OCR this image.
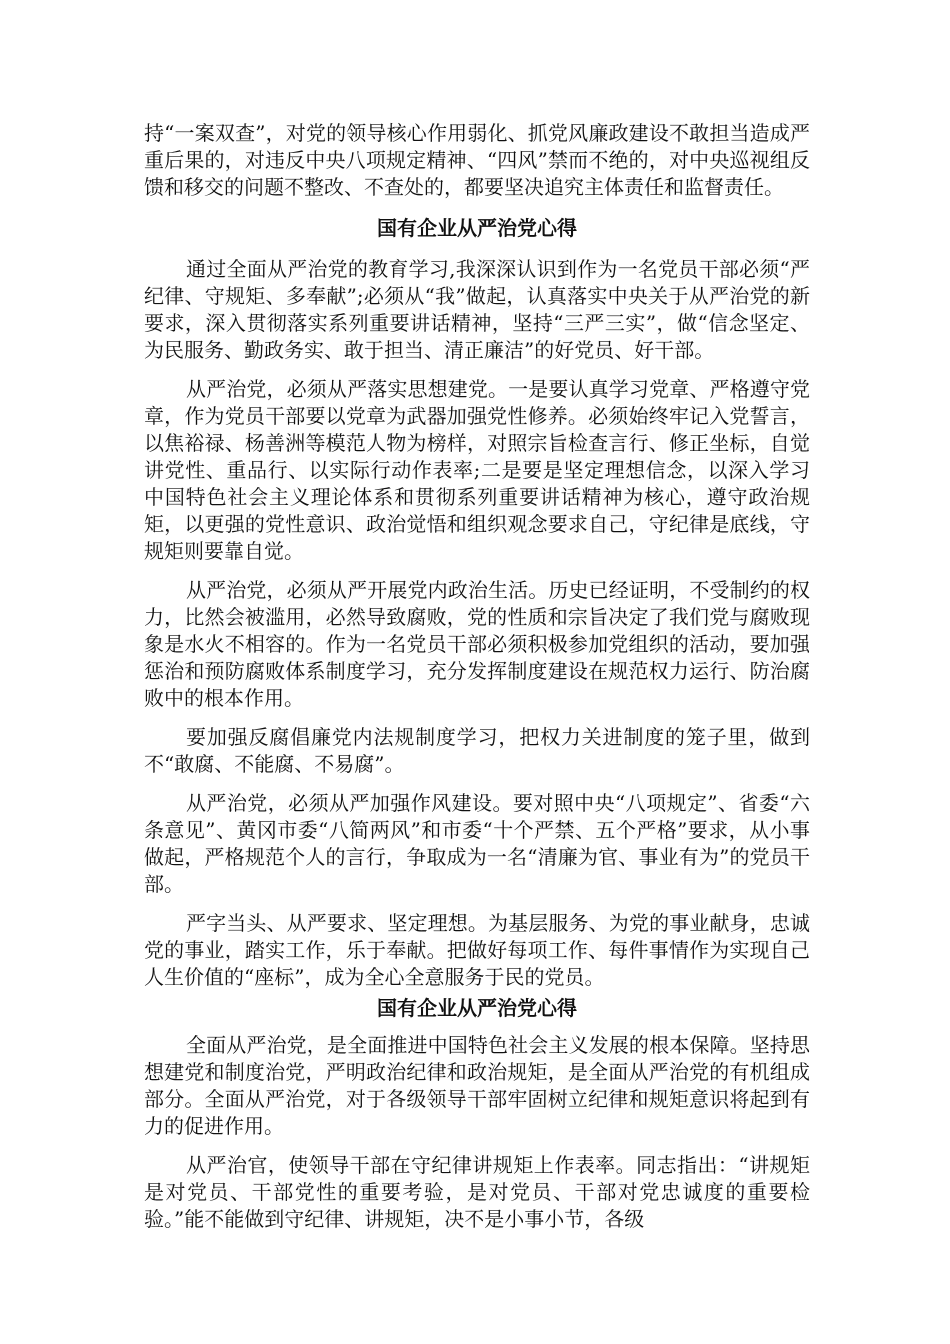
持“一案双查”，对党的领导核心作用弱化、抓党风廉政建设不敢担当造成严重后果的，对违反中央八项规定精神、“四风”禁而不绝的，对中央巡视组反馈和移交的问题不整改、不查处的，都要坚决追究主体责任和监督责任。

国有企业从严治党心得

通过全面从严治党的教育学习,我深深认识到作为一名党员干部必须“严纪律、守规矩、多奉献”;必须从“我”做起，认真落实中央关于从严治党的新要求，深入贯彻落实系列重要讲话精神，坚持“三严三实”，做“信念坚定、为民服务、勤政务实、敢于担当、清正廉洁”的好党员、好干部。

从严治党，必须从严落实思想建党。一是要认真学习党章、严格遵守党章，作为党员干部要以党章为武器加强党性修养。必须始终牢记入党誓言，以焦裕禄、杨善洲等模范人物为榜样，对照宗旨检查言行、修正坐标，自觉讲党性、重品行、以实际行动作表率;二是要是坚定理想信念，以深入学习中国特色社会主义理论体系和贯彻系列重要讲话精神为核心，遵守政治规矩，以更强的党性意识、政治觉悟和组织观念要求自己，守纪律是底线，守规矩则要靠自觉。

从严治党，必须从严开展党内政治生活。历史已经证明，不受制约的权力，比然会被滥用，必然导致腐败，党的性质和宗旨决定了我们党与腐败现象是水火不相容的。作为一名党员干部必须积极参加党组织的活动，要加强惩治和预防腐败体系制度学习，充分发挥制度建设在规范权力运行、防治腐败中的根本作用。

要加强反腐倡廉党内法规制度学习，把权力关进制度的笼子里，做到不“敢腐、不能腐、不易腐”。

从严治党，必须从严加强作风建设。要对照中央“八项规定”、省委“六条意见”、黄冈市委“八简两风”和市委“十个严禁、五个严格”要求，从小事做起，严格规范个人的言行，争取成为一名“清廉为官、事业有为”的党员干部。

严字当头、从严要求、坚定理想。为基层服务、为党的事业献身，忠诚党的事业，踏实工作，乐于奉献。把做好每项工作、每件事情作为实现自己人生价值的“座标”，成为全心全意服务于民的党员。

国有企业从严治党心得

全面从严治党，是全面推进中国特色社会主义发展的根本保障。坚持思想建党和制度治党，严明政治纪律和政治规矩，是全面从严治党的有机组成部分。全面从严治党，对于各级领导干部牢固树立纪律和规矩意识将起到有力的促进作用。

从严治官，使领导干部在守纪律讲规矩上作表率。同志指出：“讲规矩是对党员、干部党性的重要考验，是对党员、干部对党忠诚度的重要检验。”能不能做到守纪律、讲规矩，决不是小事小节，各级
